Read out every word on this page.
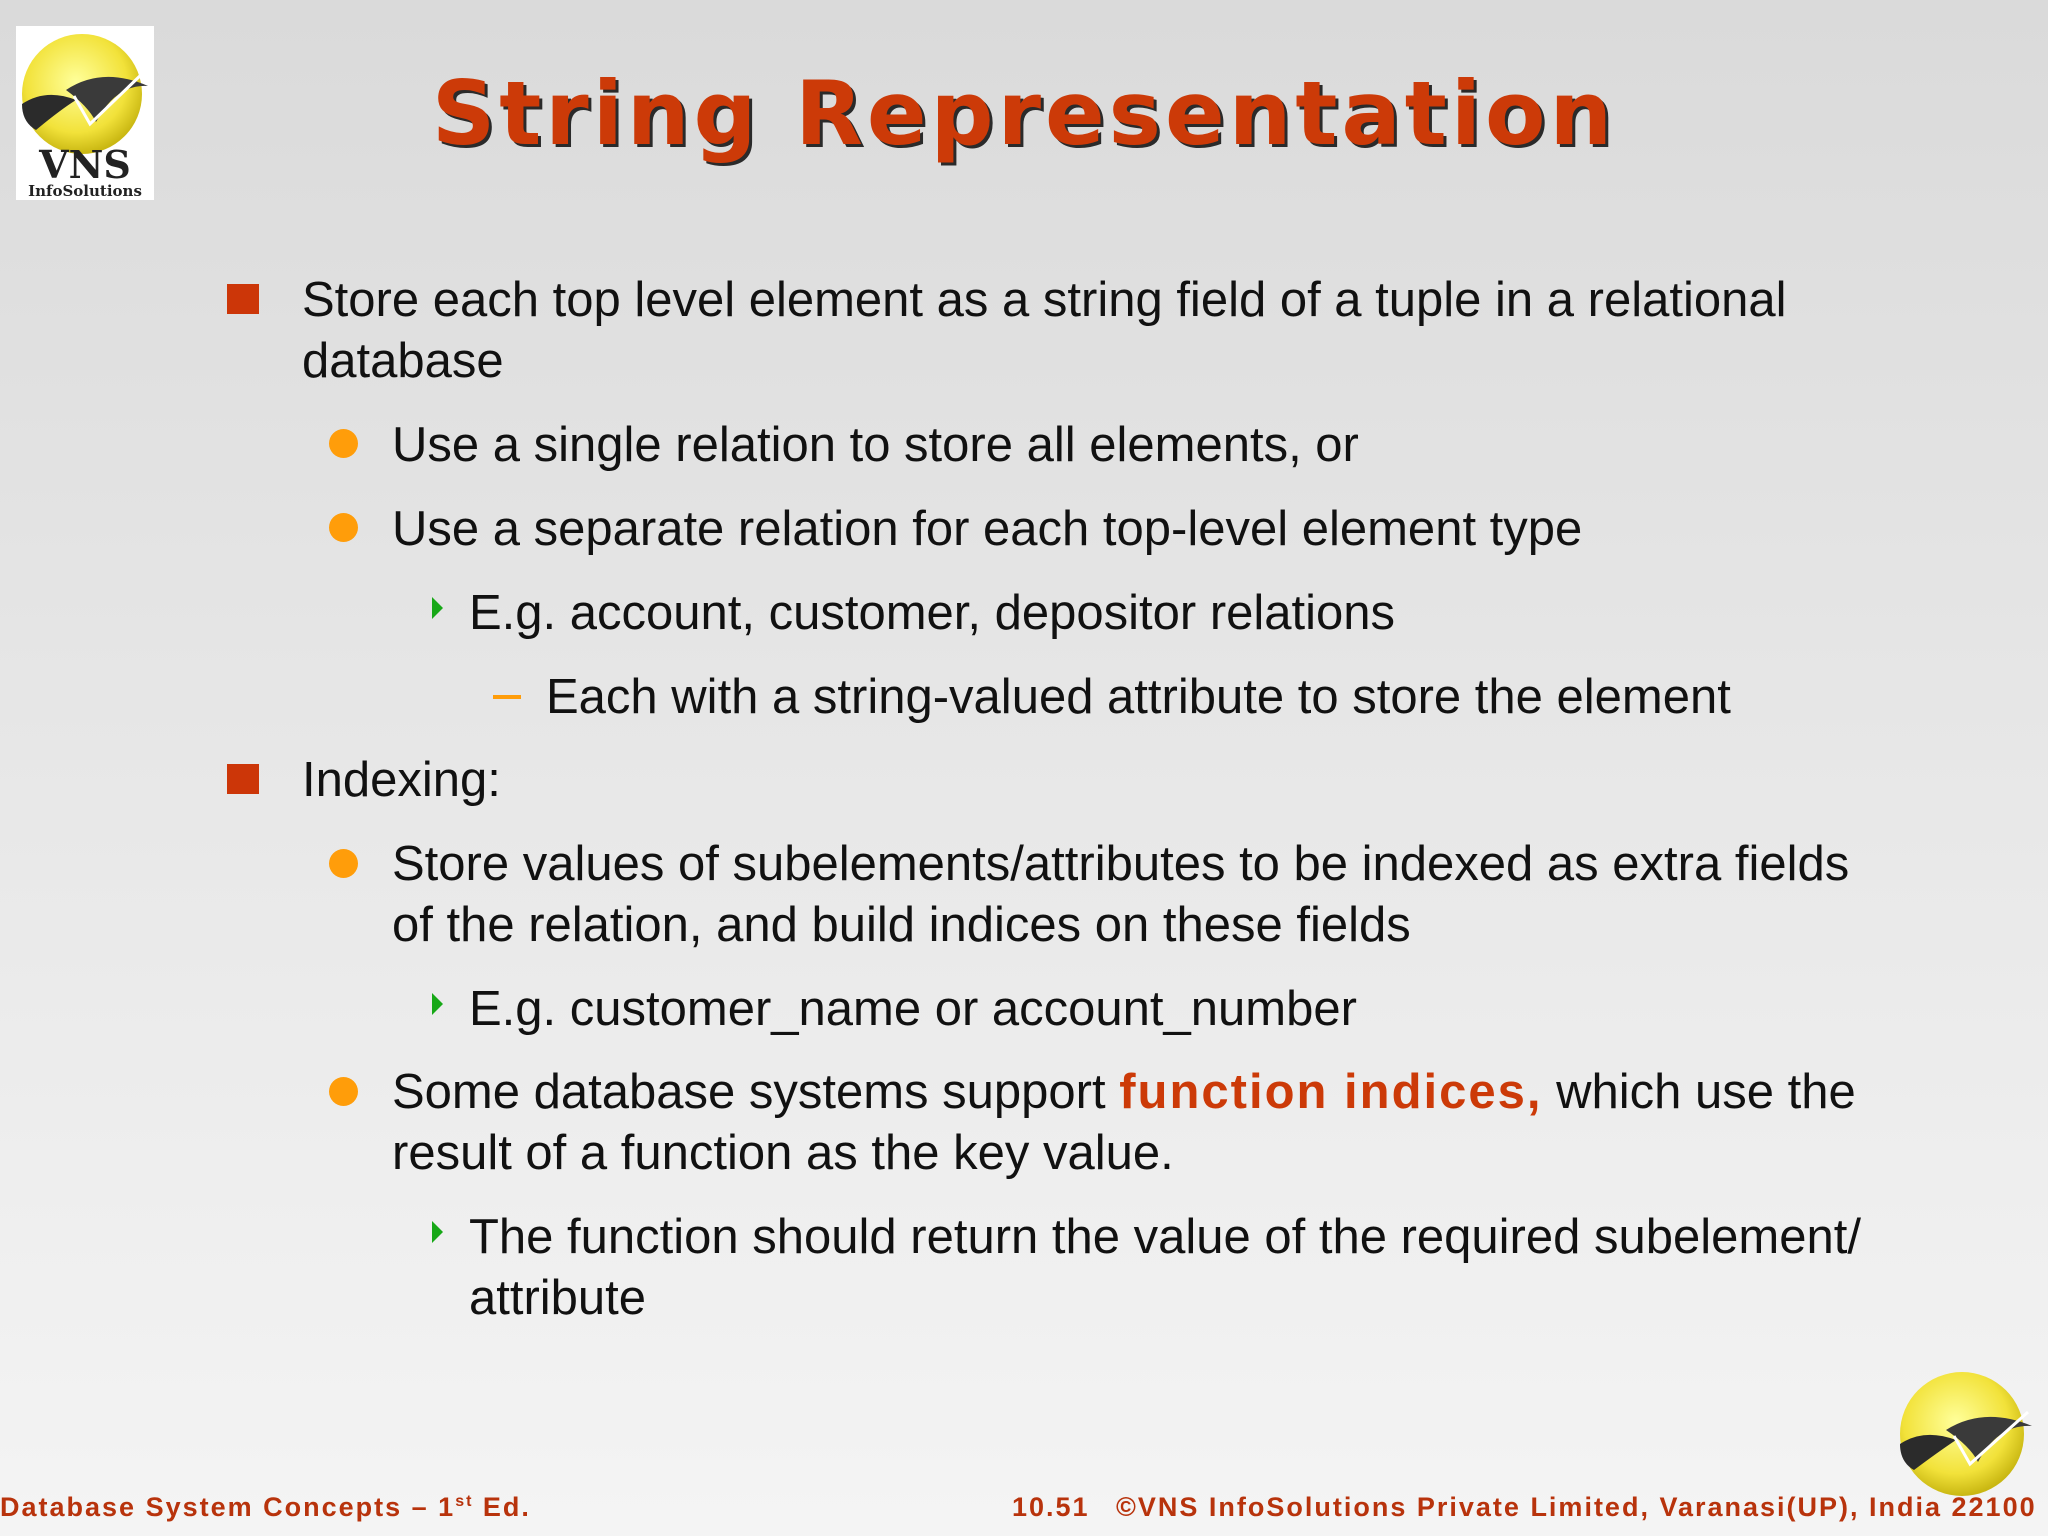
VNS
InfoSolutions
String Representation
Store each top level element as a string field of a tuple in a relational
database
Use a single relation to store all elements, or
Use a separate relation for each top-level element type
E.g. account, customer, depositor relations
Each with a string-valued attribute to store the element
Indexing:
Store values of subelements/attributes to be indexed as extra fields
of the relation, and build indices on these fields
E.g. customer_name or account_number
Some database systems support function indices, which use the
result of a function as the key value.
The function should return the value of the required subelement/
attribute
Database System Concepts – 1st Ed.	10.51 ©VNS InfoSolutions Private Limited, Varanasi(UP), India 22100
